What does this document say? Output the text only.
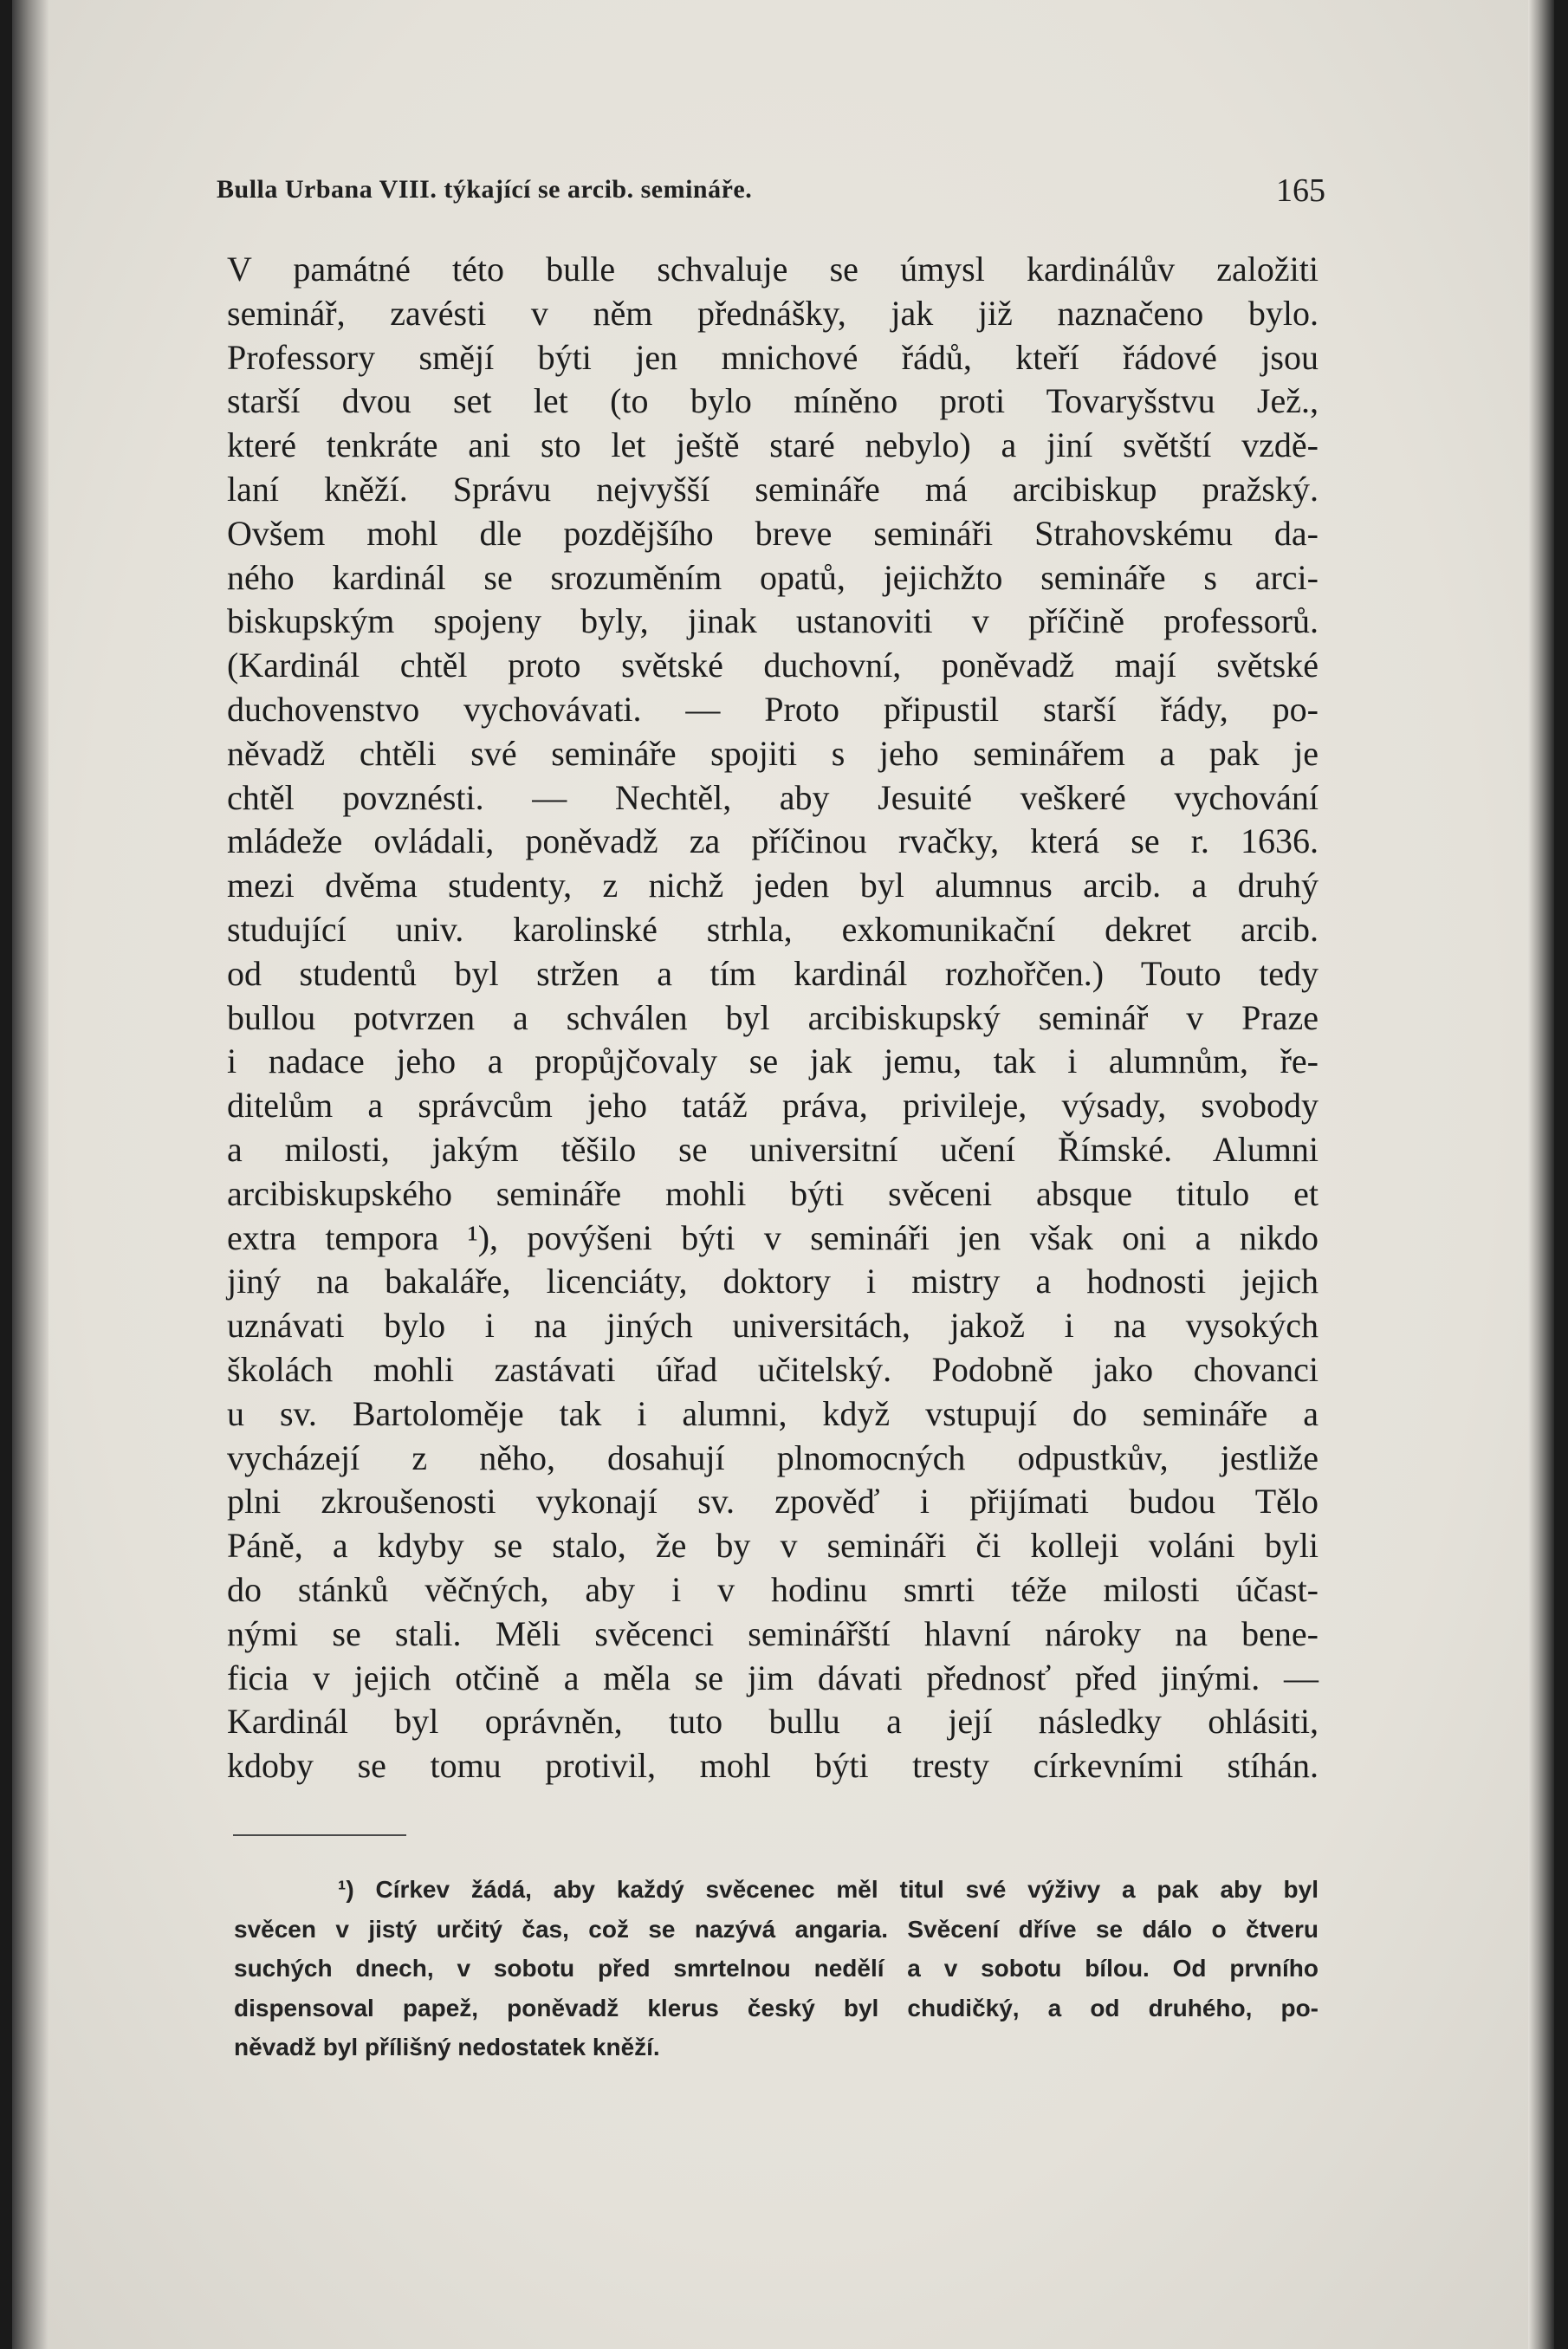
Bulla Urbana VIII. týkající se arcib. semináře.	165
V památné této bulle schvaluje se úmysl kardinálův založiti
seminář, zavésti v něm přednášky, jak již naznačeno bylo.
Professory smějí býti jen mnichové řádů, kteří řádové jsou
starší dvou set let (to bylo míněno proti Tovaryšstvu Jež.,
které tenkráte ani sto let ještě staré nebylo) a jiní světští vzdě-
laní kněží. Správu nejvyšší semináře má arcibiskup pražský.
Ovšem mohl dle pozdějšího breve semináři Strahovskému da-
ného kardinál se srozuměním opatů, jejichžto semináře s arci-
biskupským spojeny byly, jinak ustanoviti v příčině professorů.
(Kardinál chtěl proto světské duchovní, poněvadž mají světské
duchovenstvo vychovávati. — Proto připustil starší řády, po-
něvadž chtěli své semináře spojiti s jeho seminářem a pak je
chtěl povznésti. — Nechtěl, aby Jesuité veškeré vychování
mládeže ovládali, poněvadž za příčinou rvačky, která se r. 1636.
mezi dvěma studenty, z nichž jeden byl alumnus arcib. a druhý
studující univ. karolinské strhla, exkomunikační dekret arcib.
od studentů byl stržen a tím kardinál rozhořčen.) Touto tedy
bullou potvrzen a schválen byl arcibiskupský seminář v Praze
i nadace jeho a propůjčovaly se jak jemu, tak i alumnům, ře-
ditelům a správcům jeho tatáž práva, privileje, výsady, svobody
a milosti, jakým těšilo se universitní učení Římské. Alumni
arcibiskupského semináře mohli býti svěceni absque titulo et
extra tempora ¹), povýšeni býti v semináři jen však oni a nikdo
jiný na bakaláře, licenciáty, doktory i mistry a hodnosti jejich
uznávati bylo i na jiných universitách, jakož i na vysokých
školách mohli zastávati úřad učitelský. Podobně jako chovanci
u sv. Bartoloměje tak i alumni, když vstupují do semináře a
vycházejí z něho, dosahují plnomocných odpustkův, jestliže
plni zkroušenosti vykonají sv. zpověď i přijímati budou Tělo
Páně, a kdyby se stalo, že by v semináři či kolleji voláni byli
do stánků věčných, aby i v hodinu smrti téže milosti účast-
nými se stali. Měli svěcenci seminářští hlavní nároky na bene-
ficia v jejich otčině a měla se jim dávati přednosť před jinými. —
Kardinál byl oprávněn, tuto bullu a její následky ohlásiti,
kdoby se tomu protivil, mohl býti tresty církevními stíhán.
¹) Církev žádá, aby každý svěcenec měl titul své výživy a pak aby byl
svěcen v jistý určitý čas, což se nazývá angaria. Svěcení dříve se dálo o čtveru
suchých dnech, v sobotu před smrtelnou nedělí a v sobotu bílou. Od prvního
dispensoval papež, poněvadž klerus český byl chudičký, a od druhého, po-
něvadž byl přílišný nedostatek kněží.
